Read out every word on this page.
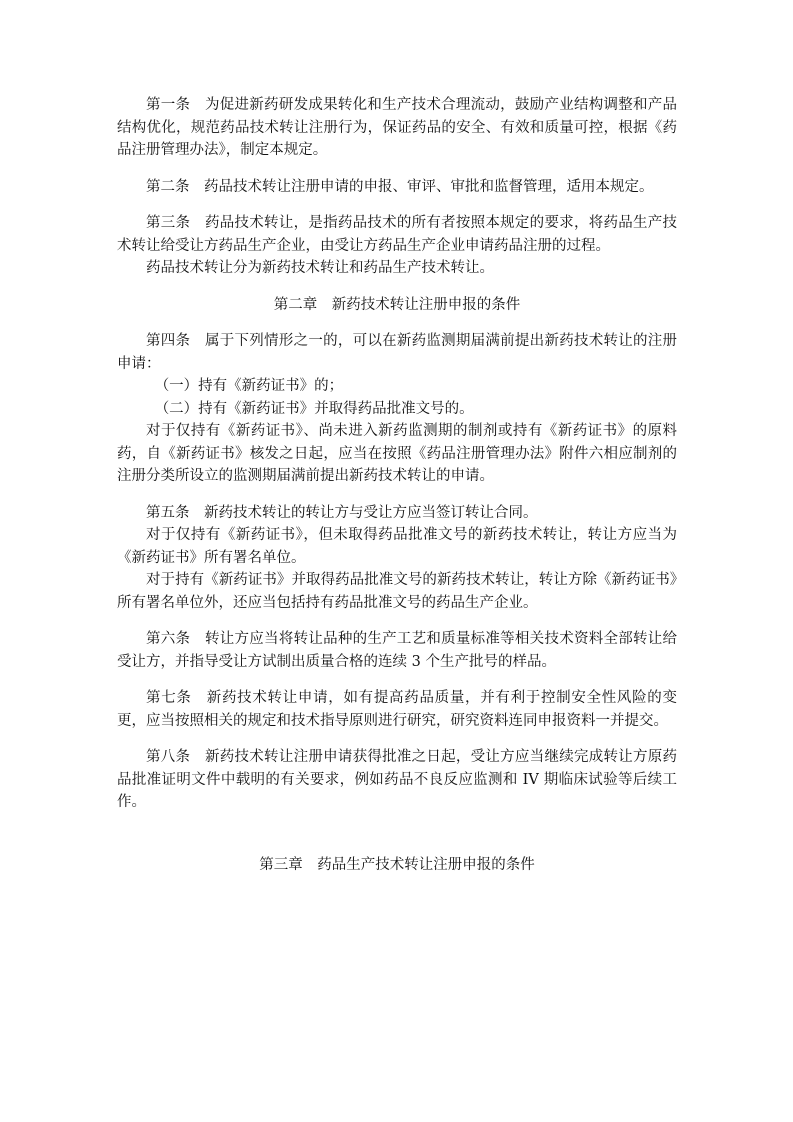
第一条　为促进新药研发成果转化和生产技术合理流动，鼓励产业结构调整和产品结构优化，规范药品技术转让注册行为，保证药品的安全、有效和质量可控，根据《药品注册管理办法》，制定本规定。

第二条　药品技术转让注册申请的申报、审评、审批和监督管理，适用本规定。

第三条　药品技术转让，是指药品技术的所有者按照本规定的要求，将药品生产技术转让给受让方药品生产企业，由受让方药品生产企业申请药品注册的过程。

药品技术转让分为新药技术转让和药品生产技术转让。

第二章　新药技术转让注册申报的条件

第四条　属于下列情形之一的，可以在新药监测期届满前提出新药技术转让的注册申请：

（一）持有《新药证书》的；

（二）持有《新药证书》并取得药品批准文号的。

对于仅持有《新药证书》、尚未进入新药监测期的制剂或持有《新药证书》的原料药，自《新药证书》核发之日起，应当在按照《药品注册管理办法》附件六相应制剂的注册分类所设立的监测期届满前提出新药技术转让的申请。

第五条　新药技术转让的转让方与受让方应当签订转让合同。

对于仅持有《新药证书》，但未取得药品批准文号的新药技术转让，转让方应当为《新药证书》所有署名单位。

对于持有《新药证书》并取得药品批准文号的新药技术转让，转让方除《新药证书》所有署名单位外，还应当包括持有药品批准文号的药品生产企业。

第六条　转让方应当将转让品种的生产工艺和质量标准等相关技术资料全部转让给受让方，并指导受让方试制出质量合格的连续 3 个生产批号的样品。

第七条　新药技术转让申请，如有提高药品质量，并有利于控制安全性风险的变更，应当按照相关的规定和技术指导原则进行研究，研究资料连同申报资料一并提交。

第八条　新药技术转让注册申请获得批准之日起，受让方应当继续完成转让方原药品批准证明文件中载明的有关要求，例如药品不良反应监测和 IV 期临床试验等后续工作。

第三章　药品生产技术转让注册申报的条件
